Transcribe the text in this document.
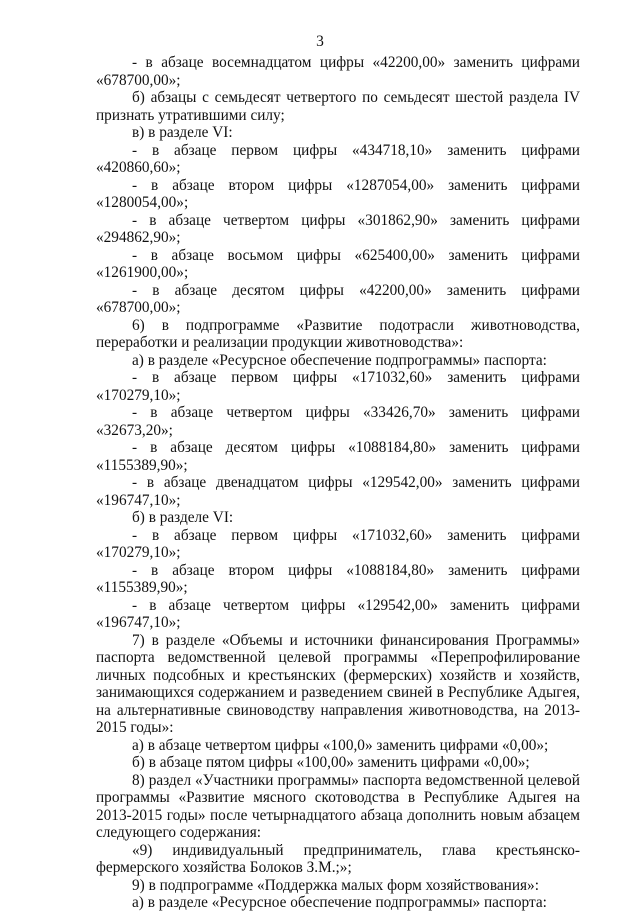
3

- в абзаце восемнадцатом цифры «42200,00» заменить цифрами «678700,00»;

б) абзацы с семьдесят четвертого по семьдесят шестой раздела IV признать утратившими силу;

в) в разделе VI:

- в абзаце первом цифры «434718,10» заменить цифрами «420860,60»;

- в абзаце втором цифры «1287054,00» заменить цифрами «1280054,00»;

- в абзаце четвертом цифры «301862,90» заменить цифрами «294862,90»;

- в абзаце восьмом цифры «625400,00» заменить цифрами «1261900,00»;

- в абзаце десятом цифры «42200,00» заменить цифрами «678700,00»;

6) в подпрограмме «Развитие подотрасли животноводства, переработки и реализации продукции животноводства»:

а) в разделе «Ресурсное обеспечение подпрограммы» паспорта:

- в абзаце первом цифры «171032,60» заменить цифрами «170279,10»;

- в абзаце четвертом цифры «33426,70» заменить цифрами «32673,20»;

- в абзаце десятом цифры «1088184,80» заменить цифрами «1155389,90»;

- в абзаце двенадцатом цифры «129542,00» заменить цифрами «196747,10»;

б) в разделе VI:

- в абзаце первом цифры «171032,60» заменить цифрами «170279,10»;

- в абзаце втором цифры «1088184,80» заменить цифрами «1155389,90»;

- в абзаце четвертом цифры «129542,00» заменить цифрами «196747,10»;

7) в разделе «Объемы и источники финансирования Программы» паспорта ведомственной целевой программы «Перепрофилирование личных подсобных и крестьянских (фермерских) хозяйств и хозяйств, занимающихся содержанием и разведением свиней в Республике Адыгея, на альтернативные свиноводству направления животноводства, на 2013-2015 годы»:

а) в абзаце четвертом цифры «100,0» заменить цифрами «0,00»;

б) в абзаце пятом цифры «100,00» заменить цифрами «0,00»;

8) раздел «Участники программы» паспорта ведомственной целевой программы «Развитие мясного скотоводства в Республике Адыгея на 2013-2015 годы» после четырнадцатого абзаца дополнить новым абзацем следующего содержания:

«9) индивидуальный предприниматель, глава крестьянско-фермерского хозяйства Болоков З.М.;»;

9) в подпрограмме «Поддержка малых форм хозяйствования»:

а) в разделе «Ресурсное обеспечение подпрограммы» паспорта:
